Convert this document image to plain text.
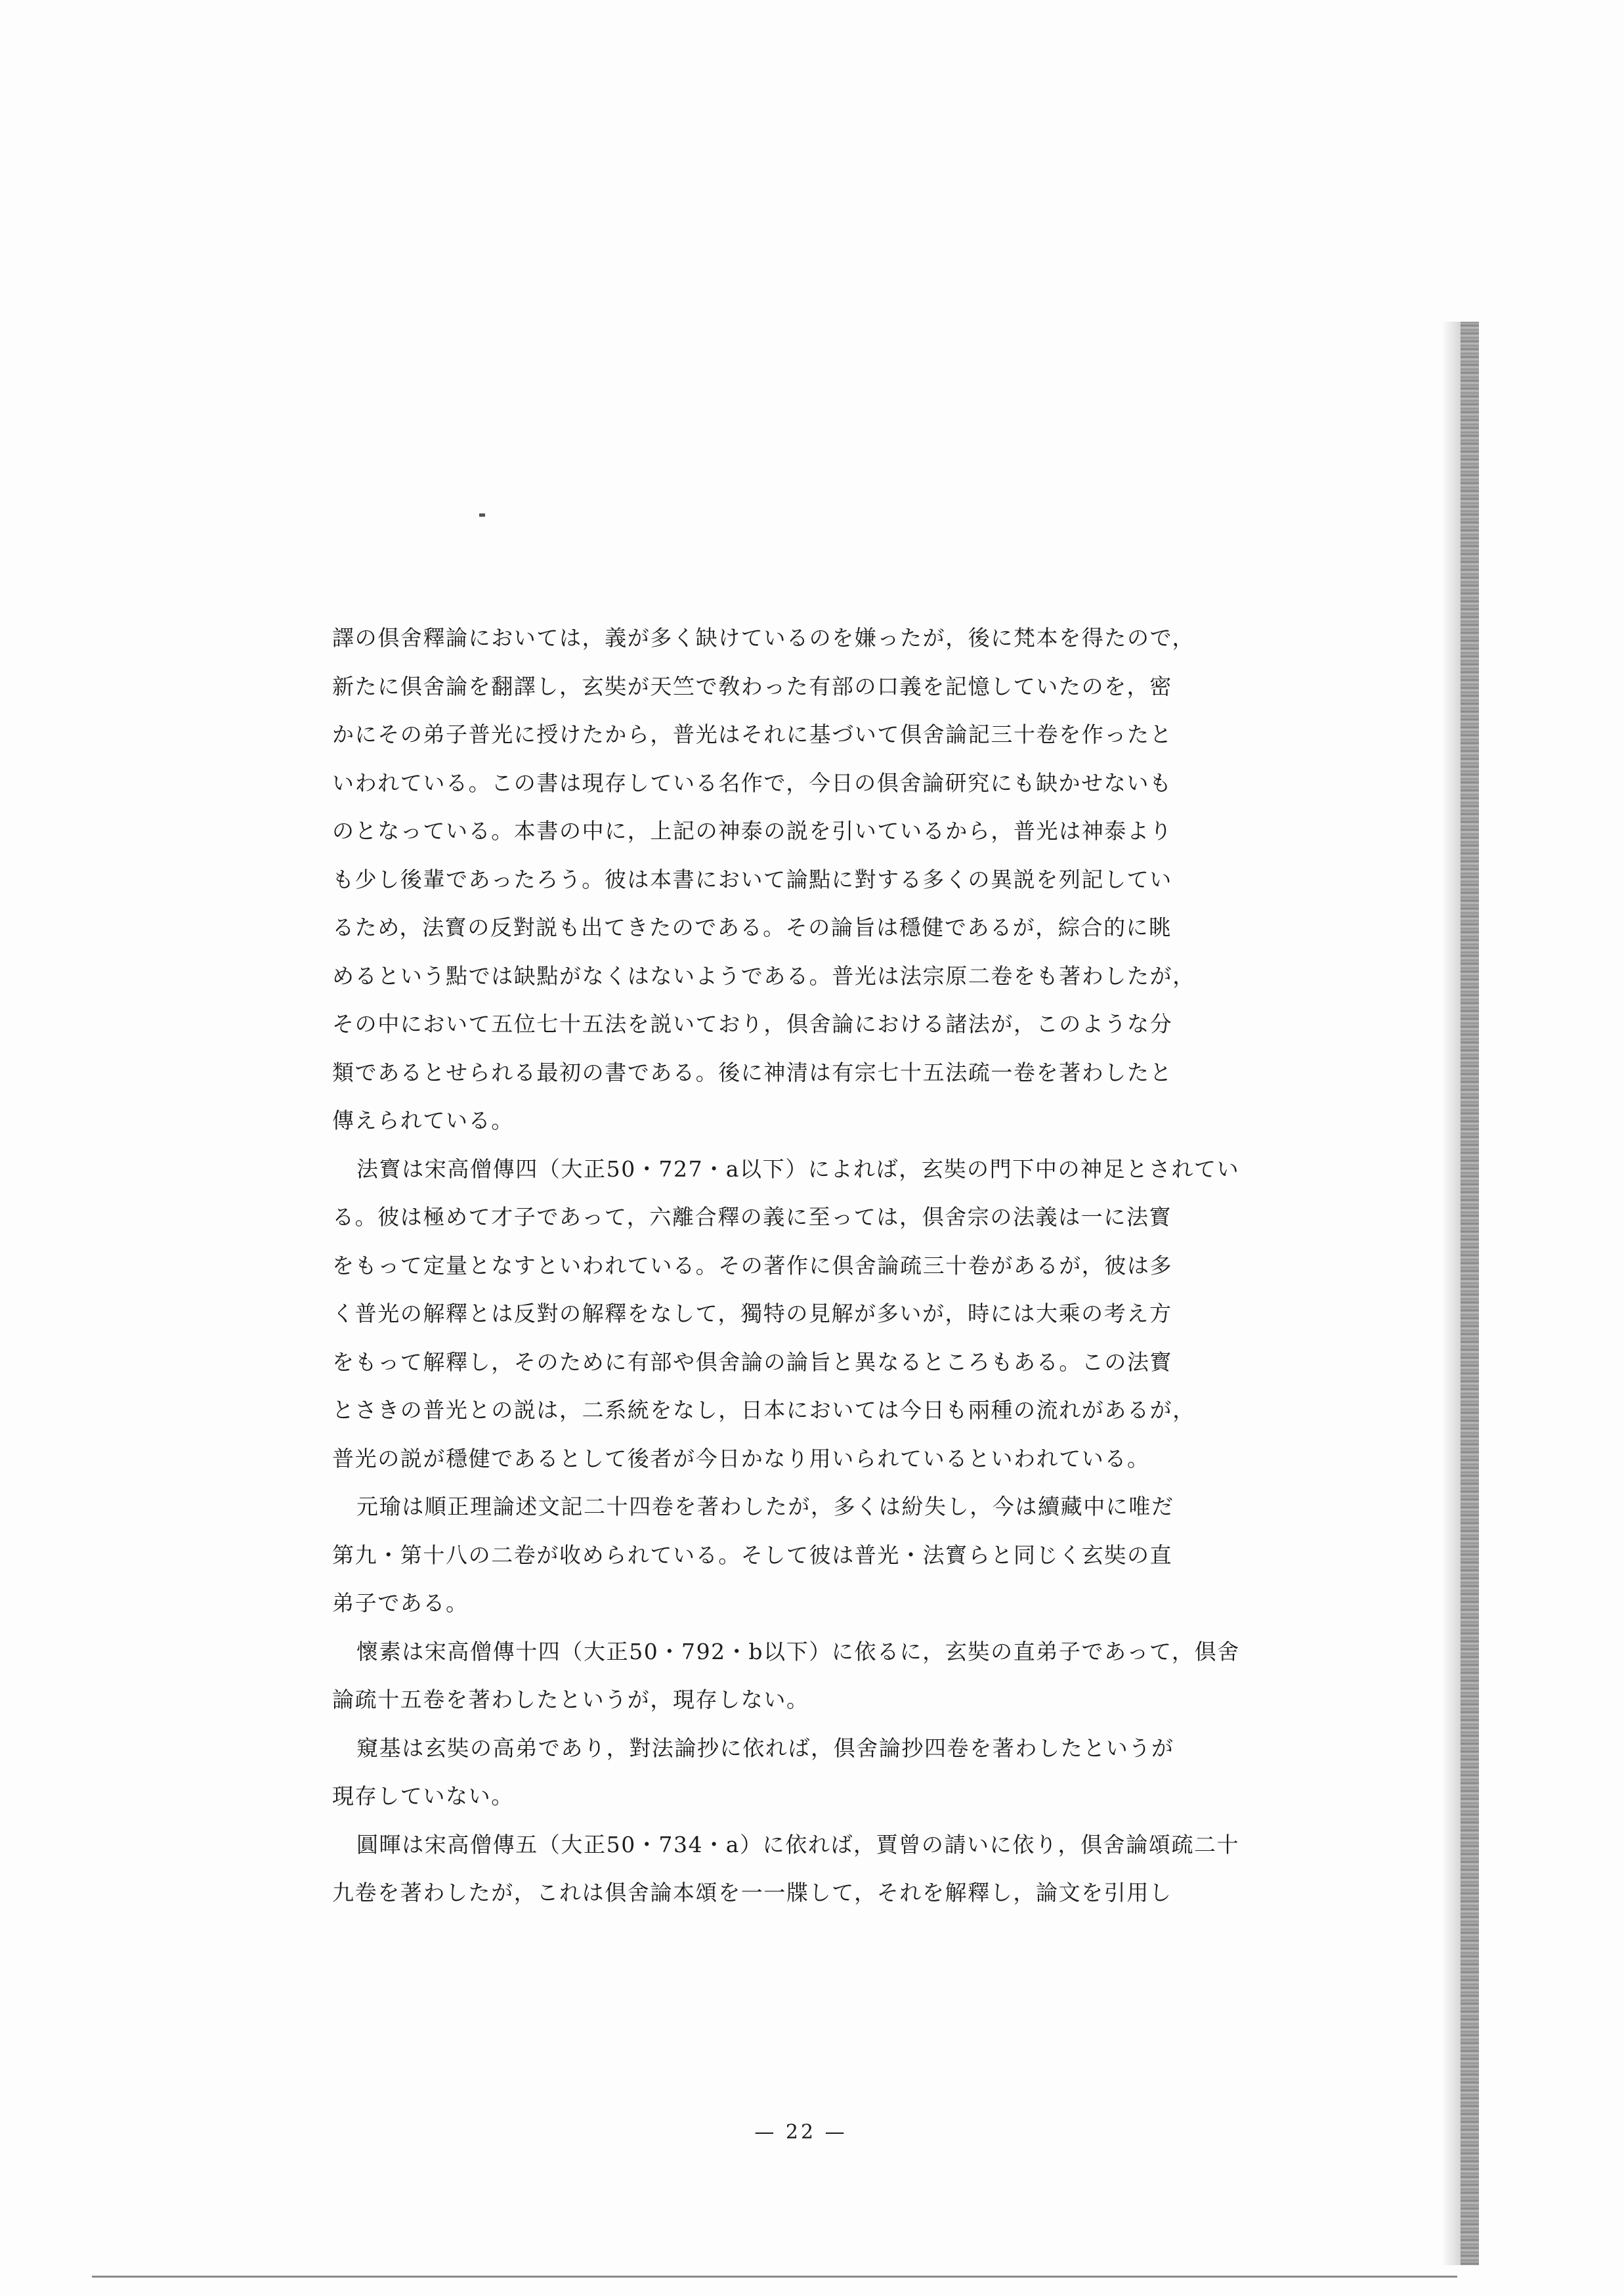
譯の倶舍釋論においては，義が多く缺けているのを嫌ったが，後に梵本を得たので，
新たに倶舍論を翻譯し，玄奘が天竺で敎わった有部の口義を記憶していたのを，密
かにその弟子普光に授けたから，普光はそれに基づいて倶舍論記三十卷を作ったと
いわれている。この書は現存している名作で，今日の倶舍論研究にも缺かせないも
のとなっている。本書の中に，上記の神泰の説を引いているから，普光は神泰より
も少し後輩であったろう。彼は本書において論點に對する多くの異説を列記してい
るため，法寳の反對説も出てきたのである。その論旨は穩健であるが，綜合的に眺
めるという點では缺點がなくはないようである。普光は法宗原二卷をも著わしたが，
その中において五位七十五法を説いており，倶舍論における諸法が，このような分
類であるとせられる最初の書である。後に神清は有宗七十五法疏一卷を著わしたと
傳えられている。
法寳は宋高僧傳四（大正50・727・a以下）によれば，玄奘の門下中の神足とされてい
る。彼は極めて才子であって，六離合釋の義に至っては，倶舍宗の法義は一に法寳
をもって定量となすといわれている。その著作に倶舍論疏三十卷があるが，彼は多
く普光の解釋とは反對の解釋をなして，獨特の見解が多いが，時には大乘の考え方
をもって解釋し，そのために有部や倶舍論の論旨と異なるところもある。この法寳
とさきの普光との説は，二系統をなし，日本においては今日も兩種の流れがあるが，
普光の説が穩健であるとして後者が今日かなり用いられているといわれている。
元瑜は順正理論述文記二十四卷を著わしたが，多くは紛失し，今は續藏中に唯だ
第九・第十八の二卷が收められている。そして彼は普光・法寳らと同じく玄奘の直
弟子である。
懷素は宋高僧傳十四（大正50・792・b以下）に依るに，玄奘の直弟子であって，倶舍
論疏十五卷を著わしたというが，現存しない。
窺基は玄奘の高弟であり，對法論抄に依れば，倶舍論抄四卷を著わしたというが
現存していない。
圓暉は宋高僧傳五（大正50・734・a）に依れば，賈曾の請いに依り，倶舍論頌疏二十
九卷を著わしたが，これは倶舍論本頌を一一牒して，それを解釋し，論文を引用し
— 22 —
